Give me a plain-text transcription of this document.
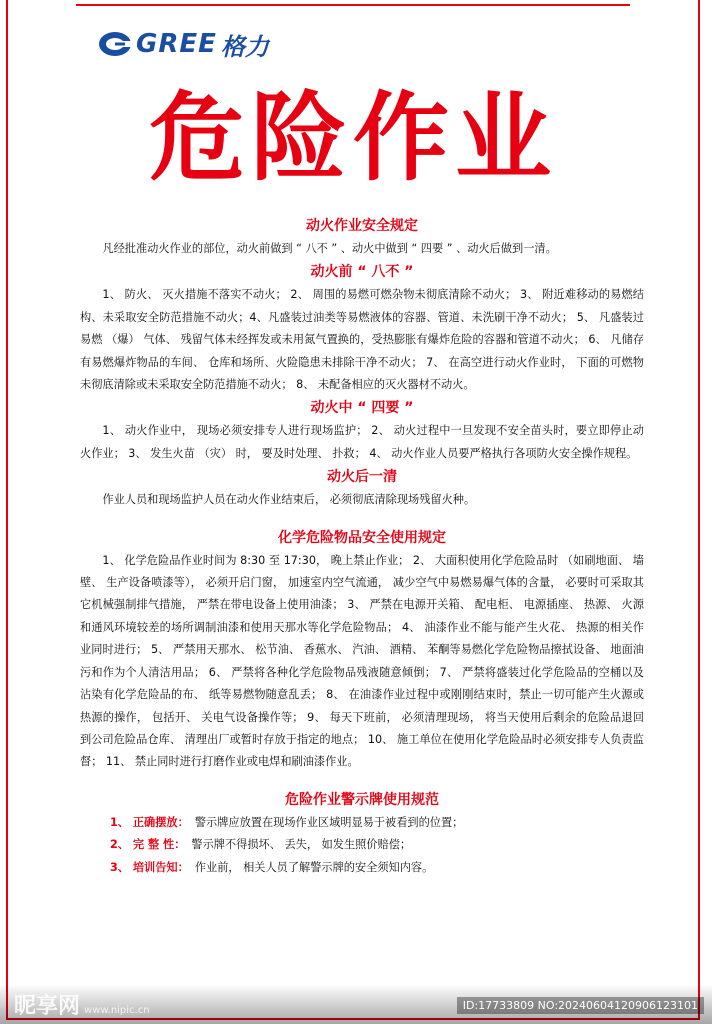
GREE 格力
危险作业
动火作业安全规定

凡经批准动火作业的部位，动火前做到 “ 八不 ” 、动火中做到 “ 四要 ” 、动火后做到一清。

动火前 “ 八不 ”

1、 防火、 灭火措施不落实不动火； 2、 周围的易燃可燃杂物未彻底清除不动火； 3、 附近难移动的易燃结构、未采取安全防范措施不动火；4、凡盛装过油类等易燃液体的容器、管道、未洗刷干净不动火； 5、 凡盛装过易燃 （爆） 气体、 残留气体未经挥发或未用氮气置换的，受热膨胀有爆炸危险的容器和管道不动火； 6、 凡储存有易燃爆炸物品的车间、 仓库和场所、火险隐患未排除干净不动火； 7、 在高空进行动火作业时， 下面的可燃物未彻底清除或未采取安全防范措施不动火； 8、 未配备相应的灭火器材不动火。

动火中 “ 四要 ”

1、 动火作业中， 现场必须安排专人进行现场监护； 2、 动火过程中一旦发现不安全苗头时，要立即停止动火作业； 3、 发生火苗 （灾） 时， 要及时处理、 扑救； 4、 动火作业人员要严格执行各项防火安全操作规程。

动火后一清

作业人员和现场监护人员在动火作业结束后， 必须彻底清除现场残留火种。

化学危险物品安全使用规定

1、 化学危险品作业时间为 8:30 至 17:30， 晚上禁止作业； 2、 大面积使用化学危险品时 （如刷地面、 墙壁、 生产设备喷漆等）， 必须开启门窗， 加速室内空气流通， 减少空气中易燃易爆气体的含量， 必要时可采取其它机械强制排气措施， 严禁在带电设备上使用油漆； 3、 严禁在电源开关箱、 配电柜、 电源插座、 热源、 火源和通风环境较差的场所调制油漆和使用天那水等化学危险物品； 4、 油漆作业不能与能产生火花、 热源的相关作业同时进行； 5、 严禁用天那水、 松节油、 香蕉水、 汽油、 酒精、 苯酮等易燃化学危险物品擦拭设备、 地面油污和作为个人清洁用品； 6、 严禁将各种化学危险物品残液随意倾倒； 7、 严禁将盛装过化学危险品的空桶以及沾染有化学危险品的布、 纸等易燃物随意乱丢； 8、 在油漆作业过程中或刚刚结束时，禁止一切可能产生火源或热源的操作， 包括开、 关电气设备操作等； 9、 每天下班前， 必须清理现场， 将当天使用后剩余的危险品退回到公司危险品仓库、 清理出厂或暂时存放于指定的地点； 10、 施工单位在使用化学危险品时必须安排专人负责监督； 11、 禁止同时进行打磨作业或电焊和刷油漆作业。

危险作业警示牌使用规范
1、 正确摆放： 警示牌应放置在现场作业区域明显易于被看到的位置；
2、 完 整 性： 警示牌不得损坏、 丢失， 如发生照价赔偿；
3、 培训告知： 作业前， 相关人员了解警示牌的安全须知内容。
昵享网 www.nipic.cn	ID:17733809 NO:20240604120906123101
